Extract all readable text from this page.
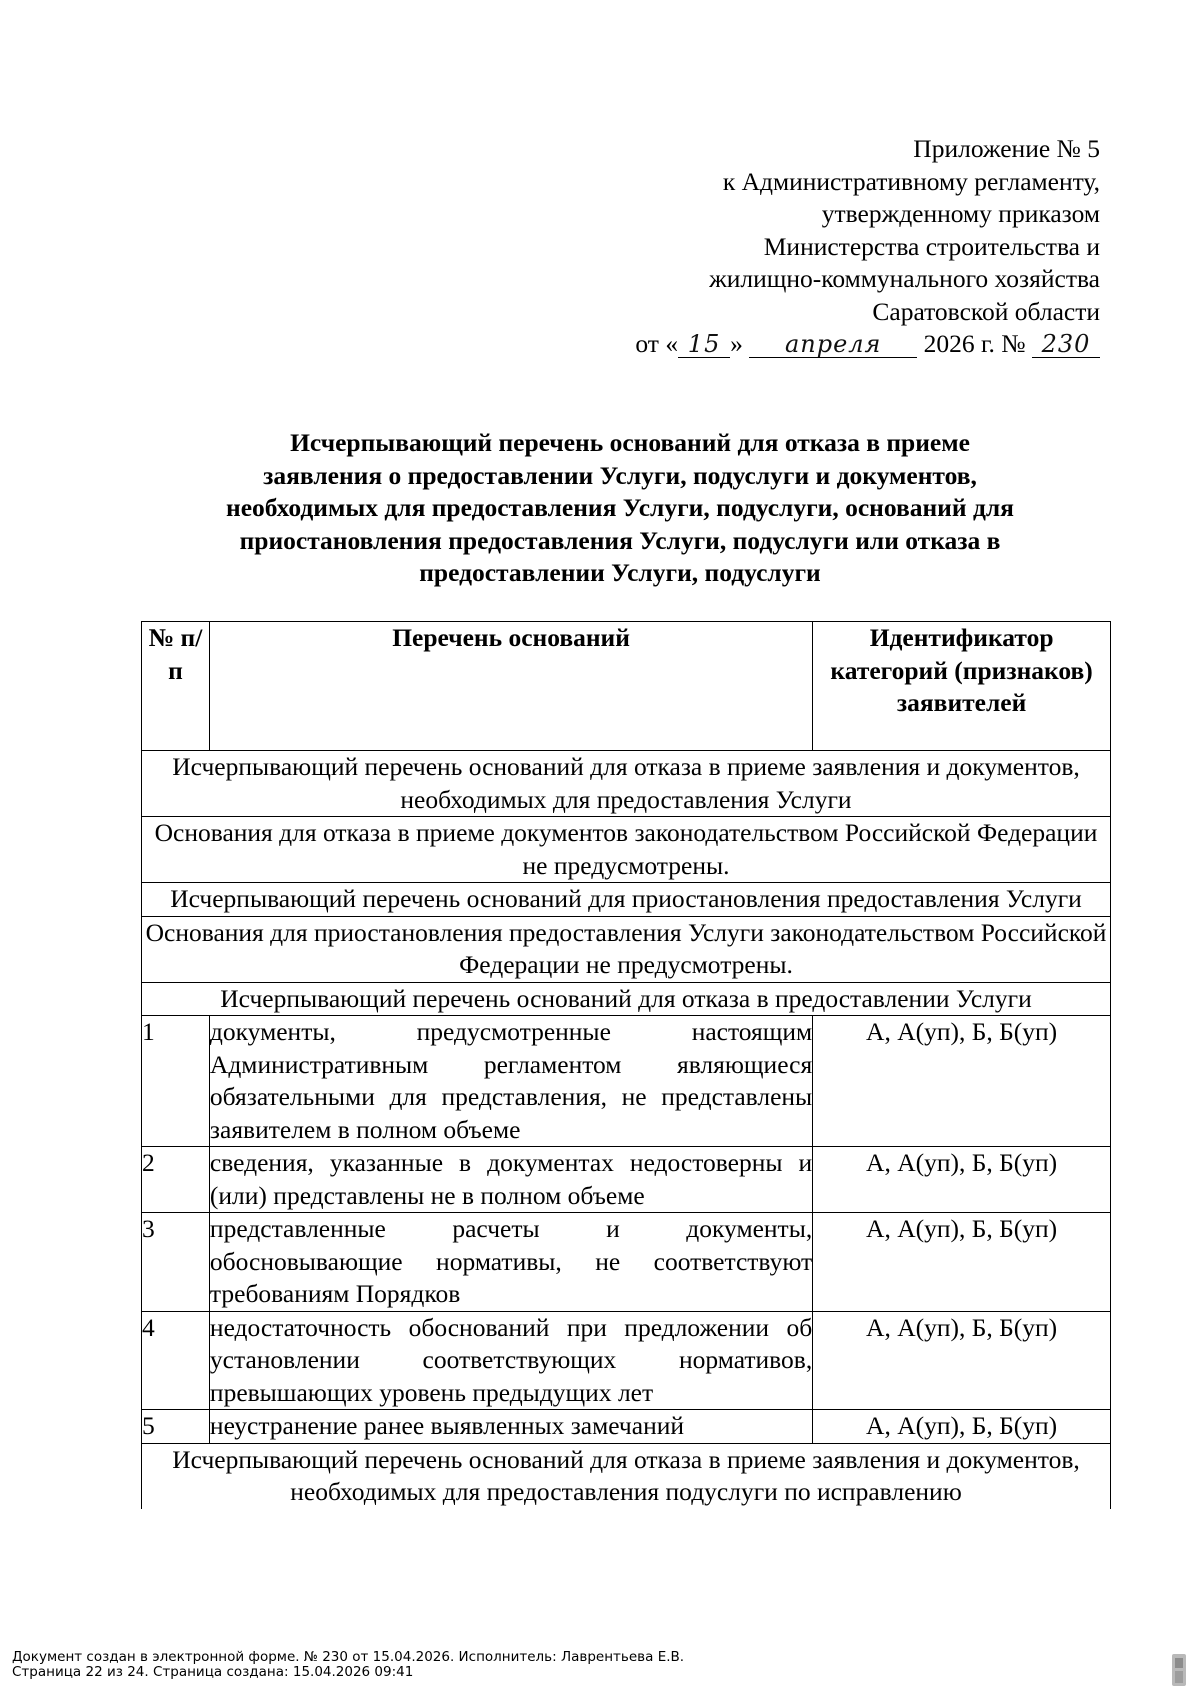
Приложение № 5
к Административному регламенту,
утвержденному приказом
Министерства строительства и
жилищно-коммунального хозяйства
Саратовской области
от « 15 » апреля 2026 г. № 230
Исчерпывающий перечень оснований для отказа в приеме
заявления о предоставлении Услуги, подуслуги и документов,
необходимых для предоставления Услуги, подуслуги, оснований для
приостановления предоставления Услуги, подуслуги или отказа в
предоставлении Услуги, подуслуги
№ п/п	Перечень оснований	Идентификатор категорий (признаков) заявителей
Исчерпывающий перечень оснований для отказа в приеме заявления и документов, необходимых для предоставления Услуги		
Основания для отказа в приеме документов законодательством Российской Федерации не предусмотрены.		
Исчерпывающий перечень оснований для приостановления предоставления Услуги		
Основания для приостановления предоставления Услуги законодательством Российской Федерации не предусмотрены.		
Исчерпывающий перечень оснований для отказа в предоставлении Услуги		
1	документы, предусмотренные настоящим Административным регламентом являющиеся обязательными для представления, не представлены заявителем в полном объеме	А, А(уп), Б, Б(уп)
2	сведения, указанные в документах недостоверны и (или) представлены не в полном объеме	А, А(уп), Б, Б(уп)
3	представленные расчеты и документы, обосновывающие нормативы, не соответствуют требованиям Порядков	А, А(уп), Б, Б(уп)
4	недостаточность обоснований при предложении об установлении соответствующих нормативов, превышающих уровень предыдущих лет	А, А(уп), Б, Б(уп)
5	неустранение ранее выявленных замечаний	А, А(уп), Б, Б(уп)
Исчерпывающий перечень оснований для отказа в приеме заявления и документов, необходимых для предоставления подуслуги по исправлению		
Документ создан в электронной форме. № 230 от 15.04.2026. Исполнитель: Лаврентьева Е.В.
Страница 22 из 24. Страница создана: 15.04.2026 09:41
